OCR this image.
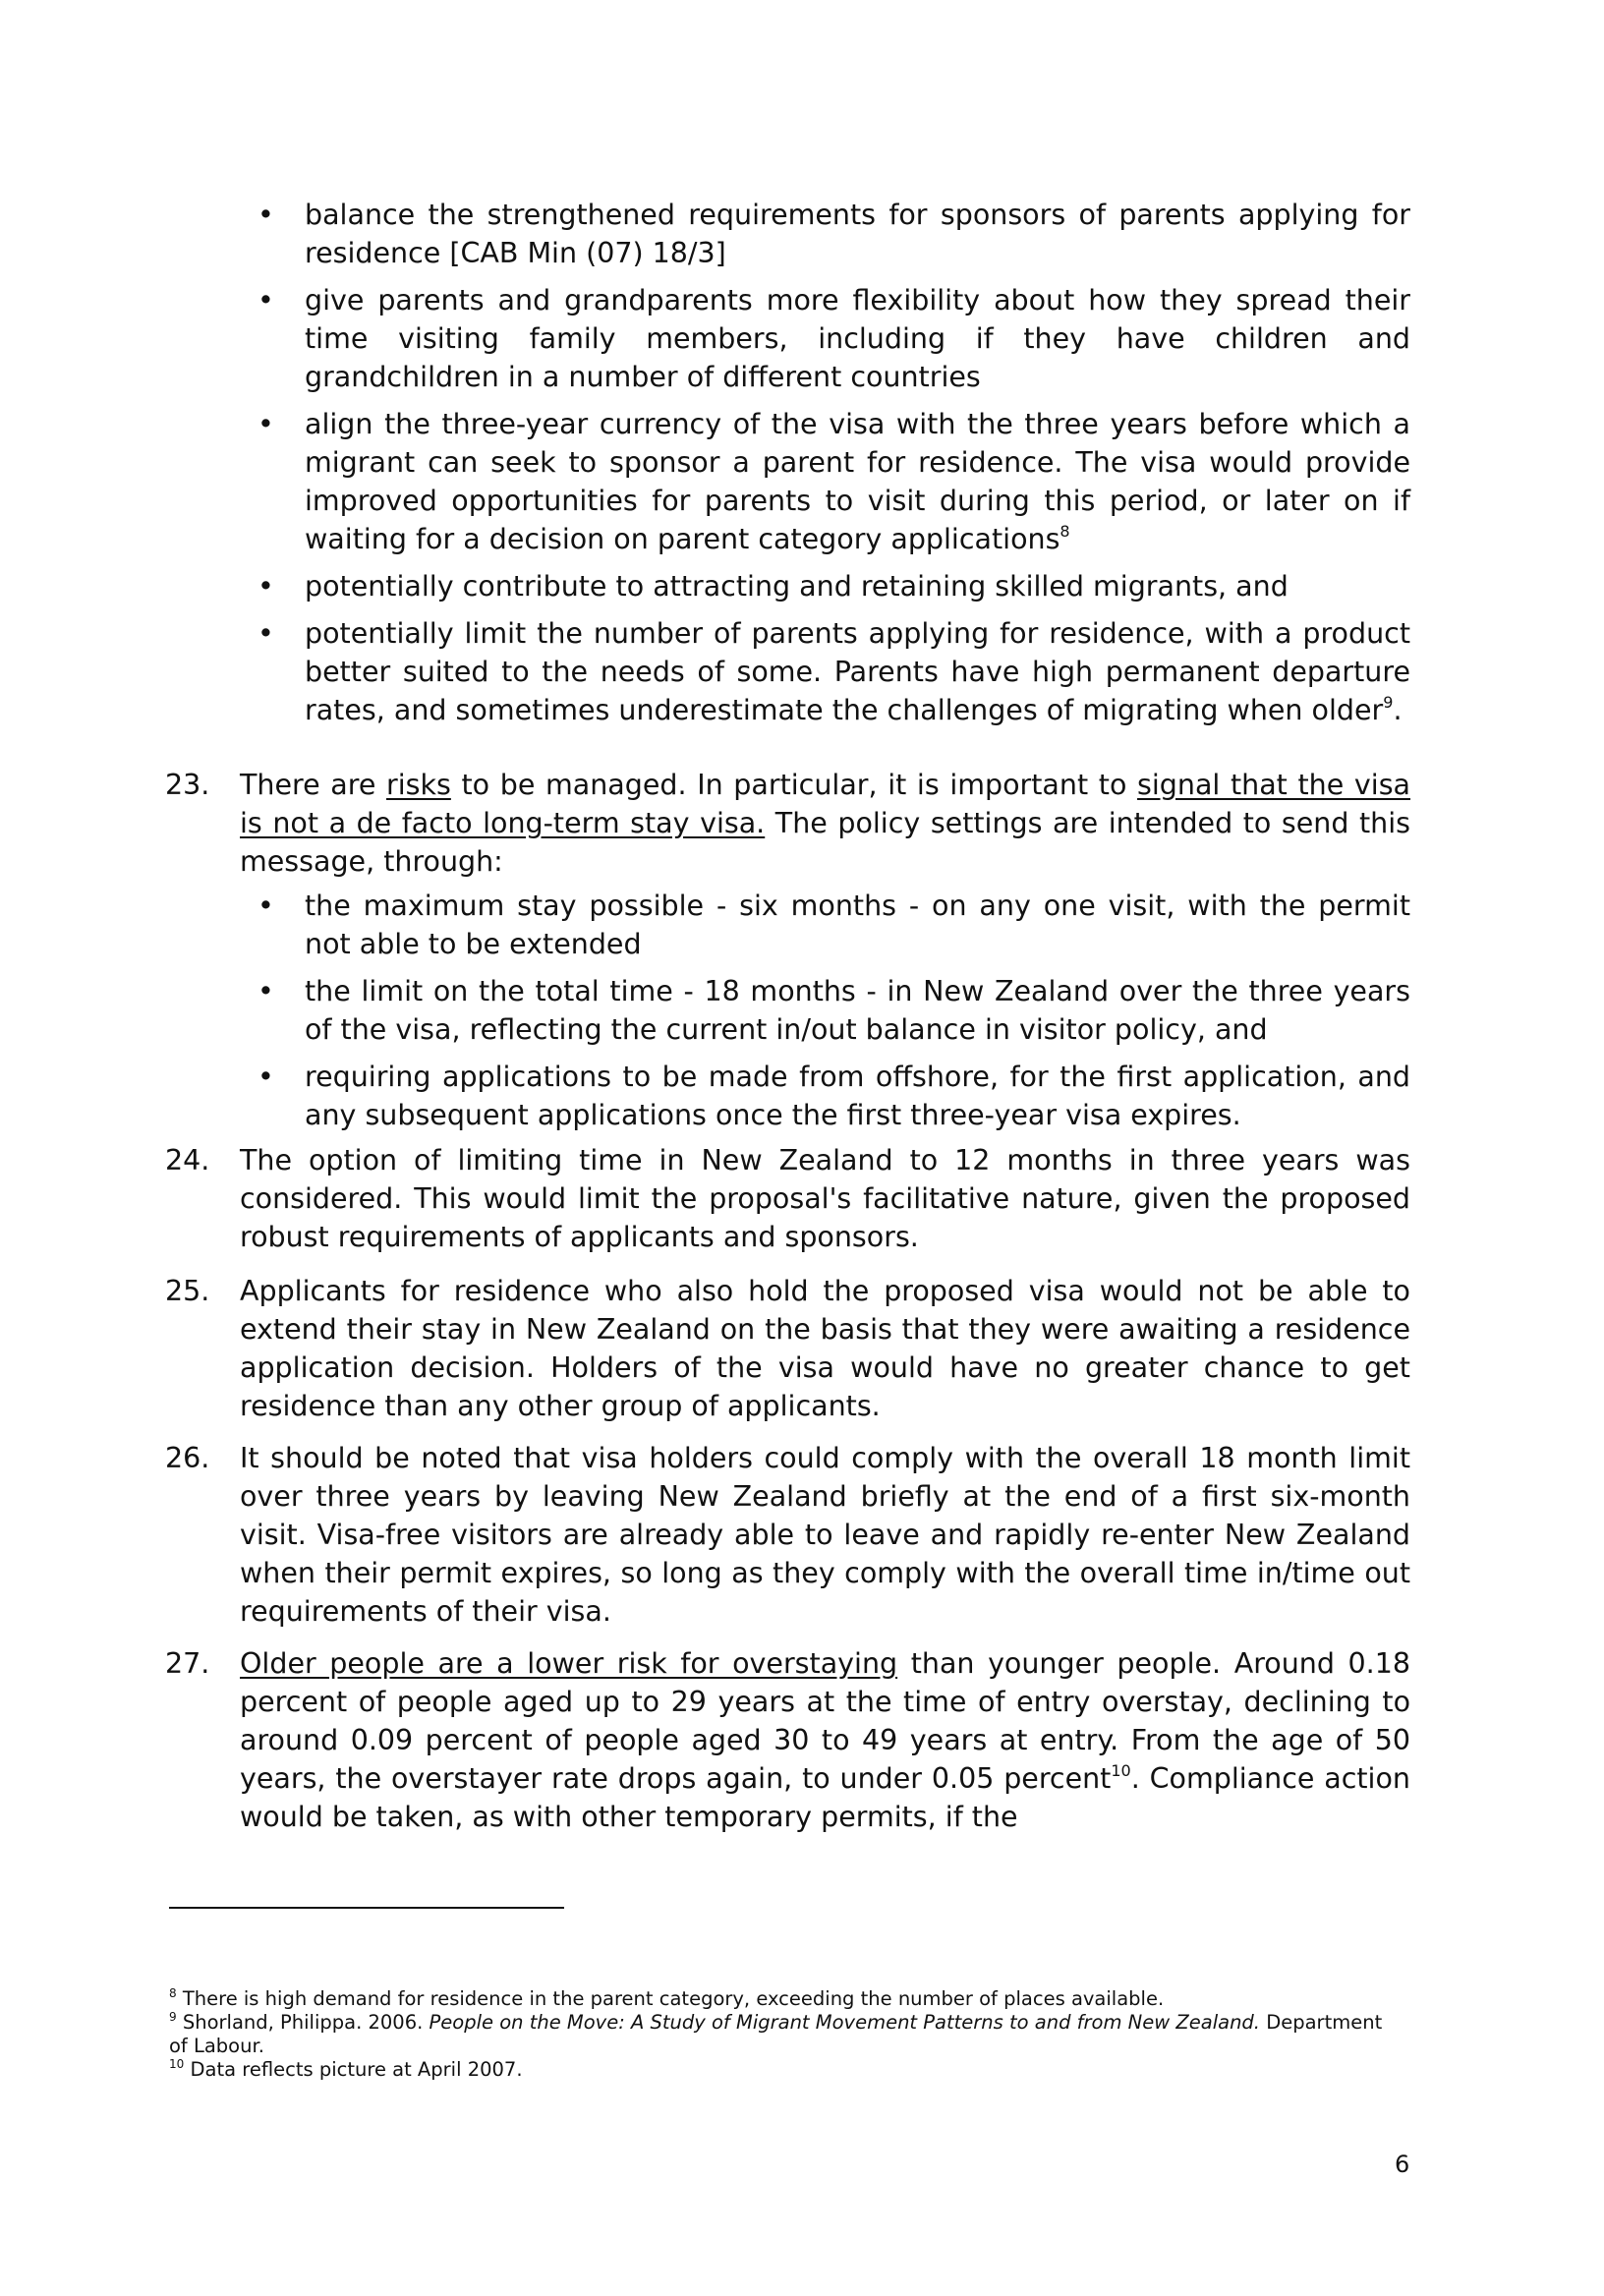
• balance the strengthened requirements for sponsors of parents applying for residence [CAB Min (07) 18/3]
• give parents and grandparents more flexibility about how they spread their time visiting family members, including if they have children and grandchildren in a number of different countries
• align the three-year currency of the visa with the three years before which a migrant can seek to sponsor a parent for residence. The visa would provide improved opportunities for parents to visit during this period, or later on if waiting for a decision on parent category applications$^8$
• potentially contribute to attracting and retaining skilled migrants, and
• potentially limit the number of parents applying for residence, with a product better suited to the needs of some. Parents have high permanent departure rates, and sometimes underestimate the challenges of migrating when older$^9$.
23.	There are risks to be managed. In particular, it is important to signal that the visa is not a de facto long-term stay visa. The policy settings are intended to send this message, through:
• the maximum stay possible - six months - on any one visit, with the permit not able to be extended
• the limit on the total time - 18 months - in New Zealand over the three years of the visa, reflecting the current in/out balance in visitor policy, and
• requiring applications to be made from offshore, for the first application, and any subsequent applications once the first three-year visa expires.
24.	The option of limiting time in New Zealand to 12 months in three years was considered. This would limit the proposal's facilitative nature, given the proposed robust requirements of applicants and sponsors.
25.	Applicants for residence who also hold the proposed visa would not be able to extend their stay in New Zealand on the basis that they were awaiting a residence application decision. Holders of the visa would have no greater chance to get residence than any other group of applicants.
26.	It should be noted that visa holders could comply with the overall 18 month limit over three years by leaving New Zealand briefly at the end of a first six-month visit. Visa-free visitors are already able to leave and rapidly re-enter New Zealand when their permit expires, so long as they comply with the overall time in/time out requirements of their visa.
27.	Older people are a lower risk for overstaying than younger people. Around 0.18 percent of people aged up to 29 years at the time of entry overstay, declining to around 0.09 percent of people aged 30 to 49 years at entry. From the age of 50 years, the overstayer rate drops again, to under 0.05 percent$^{10}$. Compliance action would be taken, as with other temporary permits, if the

$^8$ There is high demand for residence in the parent category, exceeding the number of places available.

$^9$ Shorland, Philippa. 2006. People on the Move: A Study of Migrant Movement Patterns to and from New Zealand. Department of Labour.

$^{10}$ Data reflects picture at April 2007.

6
